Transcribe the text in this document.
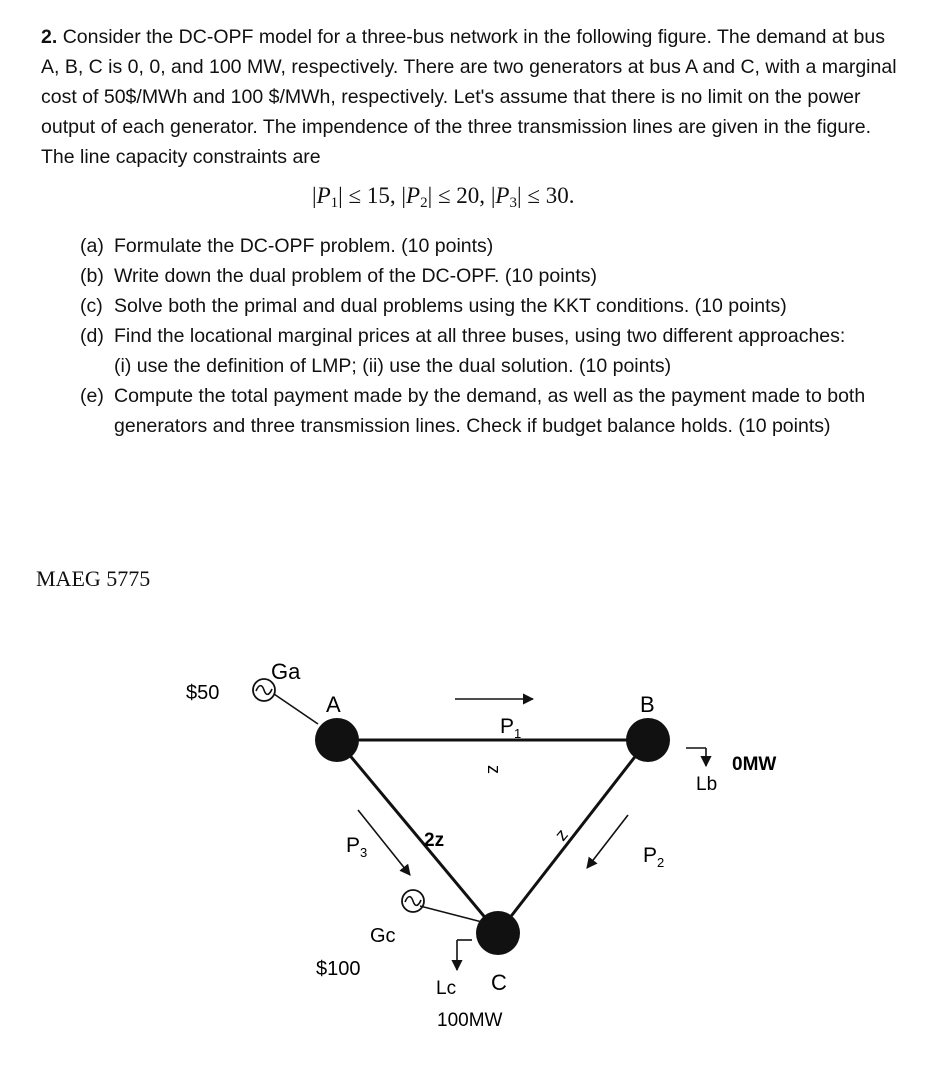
2. Consider the DC-OPF model for a three-bus network in the following figure. The demand at bus A, B, C is 0, 0, and 100 MW, respectively. There are two generators at bus A and C, with a marginal cost of 50$/MWh and 100 $/MWh, respectively. Let's assume that there is no limit on the power output of each generator. The impendence of the three transmission lines are given in the figure. The line capacity constraints are

$|P_1| \le 15$, $|P_2| \le 20$, $|P_3| \le 30$.
(a) Formulate the DC-OPF problem. (10 points)
(b) Write down the dual problem of the DC-OPF. (10 points)
(c) Solve both the primal and dual problems using the KKT conditions. (10 points)
(d) Find the locational marginal prices at all three buses, using two different approaches:
(i) use the definition of LMP; (ii) use the dual solution. (10 points)
(e) Compute the total payment made by the demand, as well as the payment made to both generators and three transmission lines. Check if budget balance holds. (10 points)
MAEG 5775
Ga
$50	A	B
C
$P_1$
z
$P_3$
2z	z
$P_2$
Gc
$100
Lb
0MW
Lc
100MW
